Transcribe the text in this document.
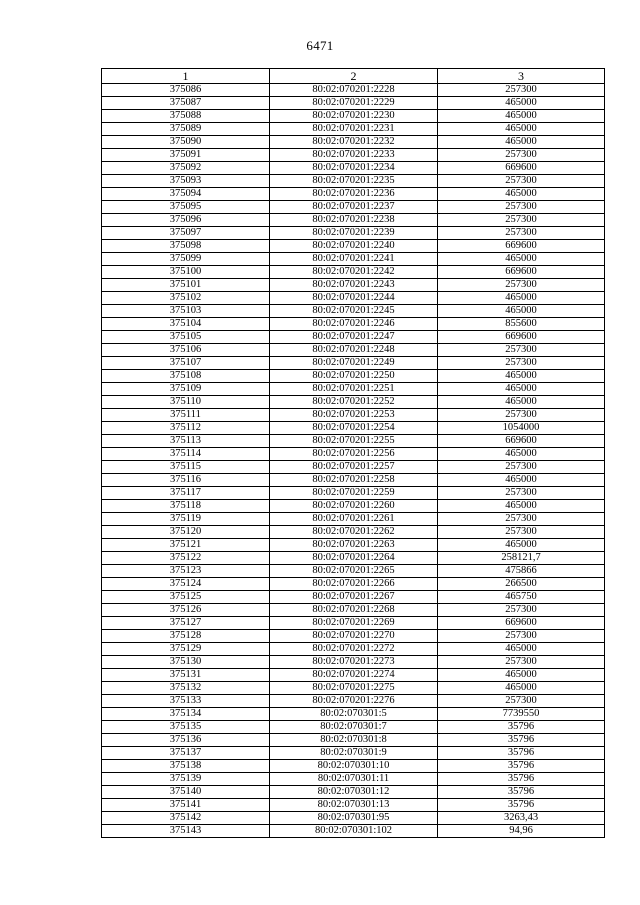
6471
1	2	3
375086	80:02:070201:2228	257300
375087	80:02:070201:2229	465000
375088	80:02:070201:2230	465000
375089	80:02:070201:2231	465000
375090	80:02:070201:2232	465000
375091	80:02:070201:2233	257300
375092	80:02:070201:2234	669600
375093	80:02:070201:2235	257300
375094	80:02:070201:2236	465000
375095	80:02:070201:2237	257300
375096	80:02:070201:2238	257300
375097	80:02:070201:2239	257300
375098	80:02:070201:2240	669600
375099	80:02:070201:2241	465000
375100	80:02:070201:2242	669600
375101	80:02:070201:2243	257300
375102	80:02:070201:2244	465000
375103	80:02:070201:2245	465000
375104	80:02:070201:2246	855600
375105	80:02:070201:2247	669600
375106	80:02:070201:2248	257300
375107	80:02:070201:2249	257300
375108	80:02:070201:2250	465000
375109	80:02:070201:2251	465000
375110	80:02:070201:2252	465000
375111	80:02:070201:2253	257300
375112	80:02:070201:2254	1054000
375113	80:02:070201:2255	669600
375114	80:02:070201:2256	465000
375115	80:02:070201:2257	257300
375116	80:02:070201:2258	465000
375117	80:02:070201:2259	257300
375118	80:02:070201:2260	465000
375119	80:02:070201:2261	257300
375120	80:02:070201:2262	257300
375121	80:02:070201:2263	465000
375122	80:02:070201:2264	258121,7
375123	80:02:070201:2265	475866
375124	80:02:070201:2266	266500
375125	80:02:070201:2267	465750
375126	80:02:070201:2268	257300
375127	80:02:070201:2269	669600
375128	80:02:070201:2270	257300
375129	80:02:070201:2272	465000
375130	80:02:070201:2273	257300
375131	80:02:070201:2274	465000
375132	80:02:070201:2275	465000
375133	80:02:070201:2276	257300
375134	80:02:070301:5	7739550
375135	80:02:070301:7	35796
375136	80:02:070301:8	35796
375137	80:02:070301:9	35796
375138	80:02:070301:10	35796
375139	80:02:070301:11	35796
375140	80:02:070301:12	35796
375141	80:02:070301:13	35796
375142	80:02:070301:95	3263,43
375143	80:02:070301:102	94,96
